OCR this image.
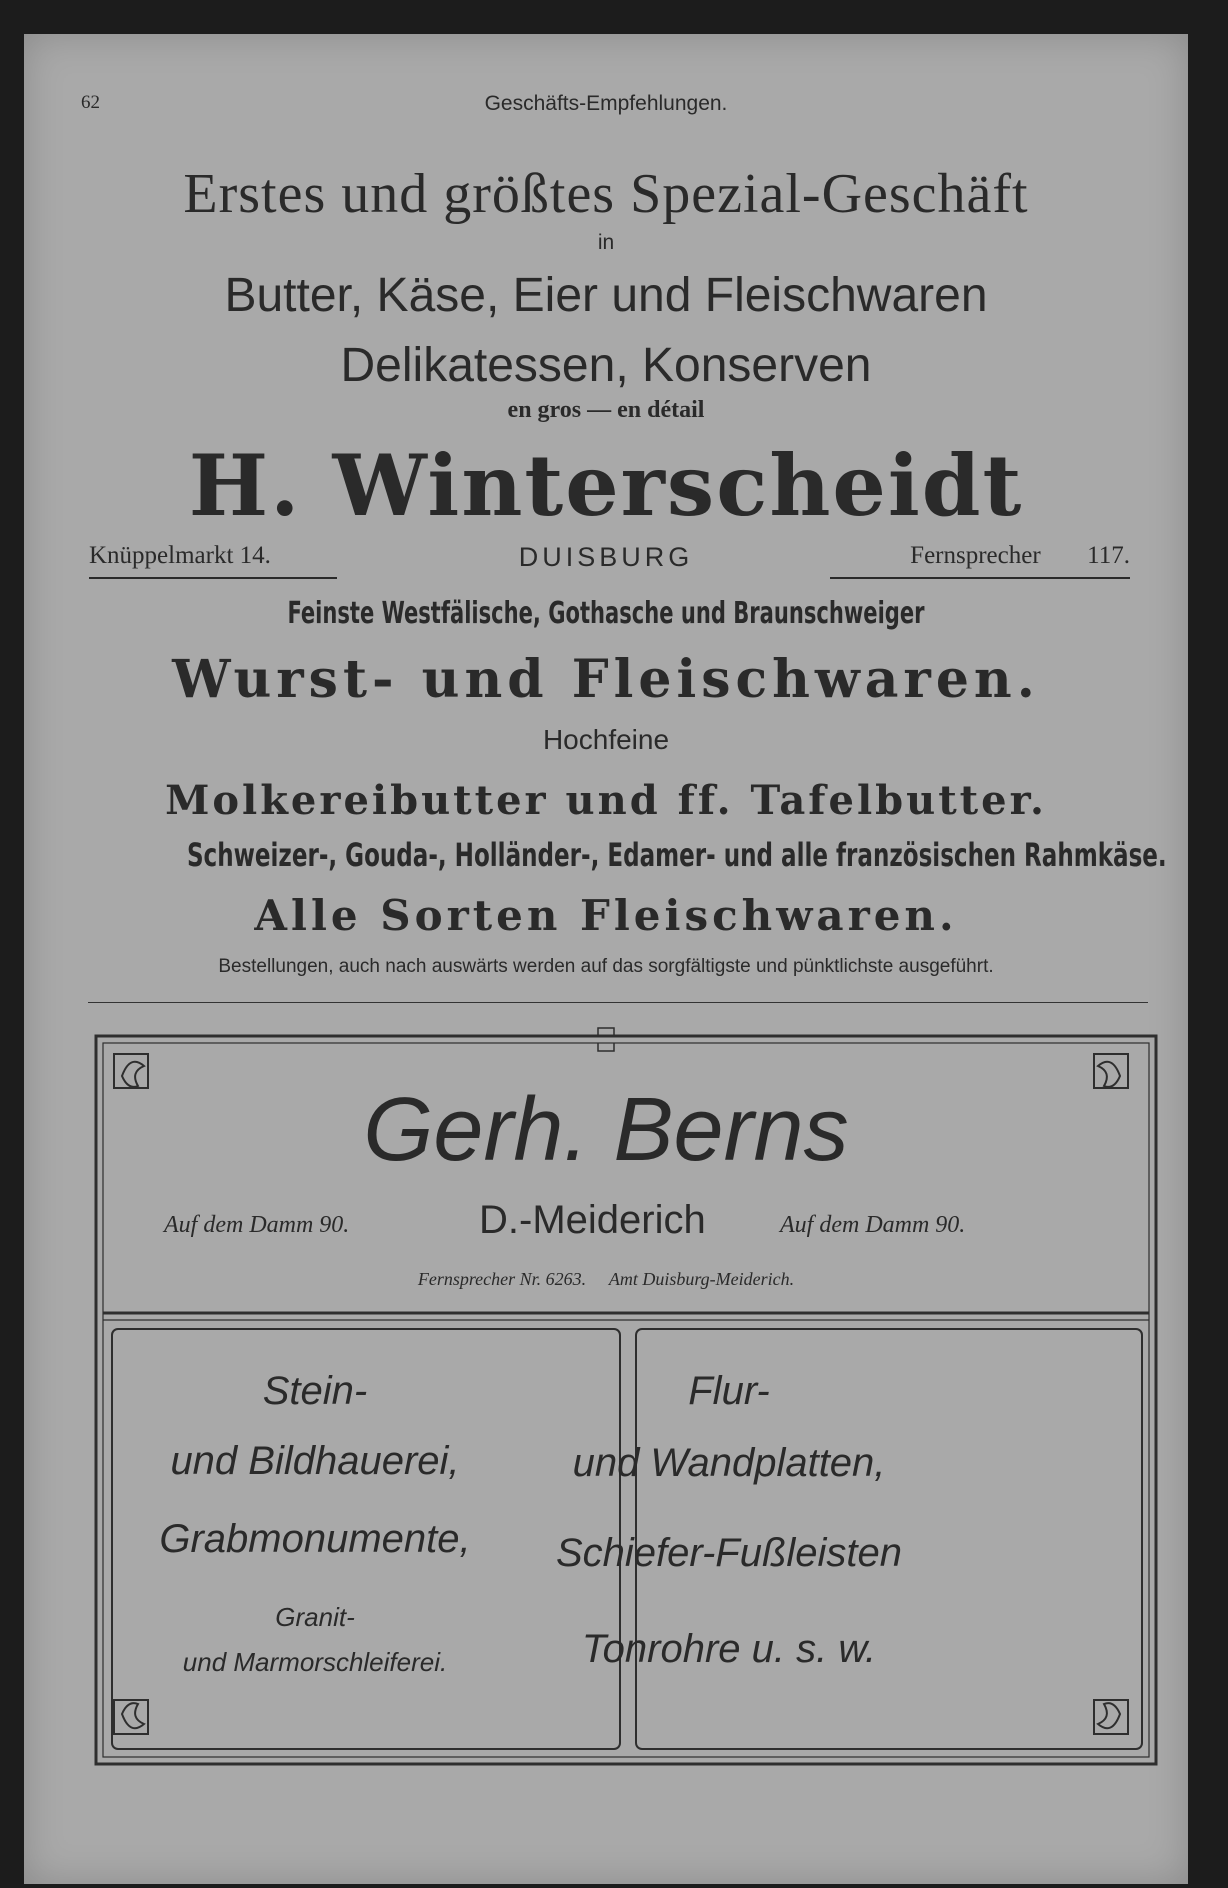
62	Geschäfts-Empfehlungen.
Erstes und größtes Spezial-Geschäft
in
Butter, Käse, Eier und Fleischwaren
Delikatessen, Konserven
en gros — en détail
H. Winterscheidt
Knüppelmarkt 14.	DUISBURG	Fernsprecher 117.
Feinste Westfälische, Gothasche und Braunschweiger
Wurst- und Fleischwaren.
Hochfeine
Molkereibutter und ff. Tafelbutter.
Schweizer-, Gouda-, Holländer-, Edamer- und alle französischen Rahmkäse.
Alle Sorten Fleischwaren.
Bestellungen, auch nach auswärts werden auf das sorgfältigste und pünktlichste ausgeführt.
Gerh. Berns
Auf dem Damm 90.	D.-Meiderich	Auf dem Damm 90.
Fernsprecher Nr. 6263. Amt Duisburg-Meiderich.
Stein-
und Bildhauerei,
Grabmonumente,
Granit-
und Marmorschleiferei.
Flur-
und Wandplatten,
Schiefer-Fußleisten
Tonrohre u. s. w.
